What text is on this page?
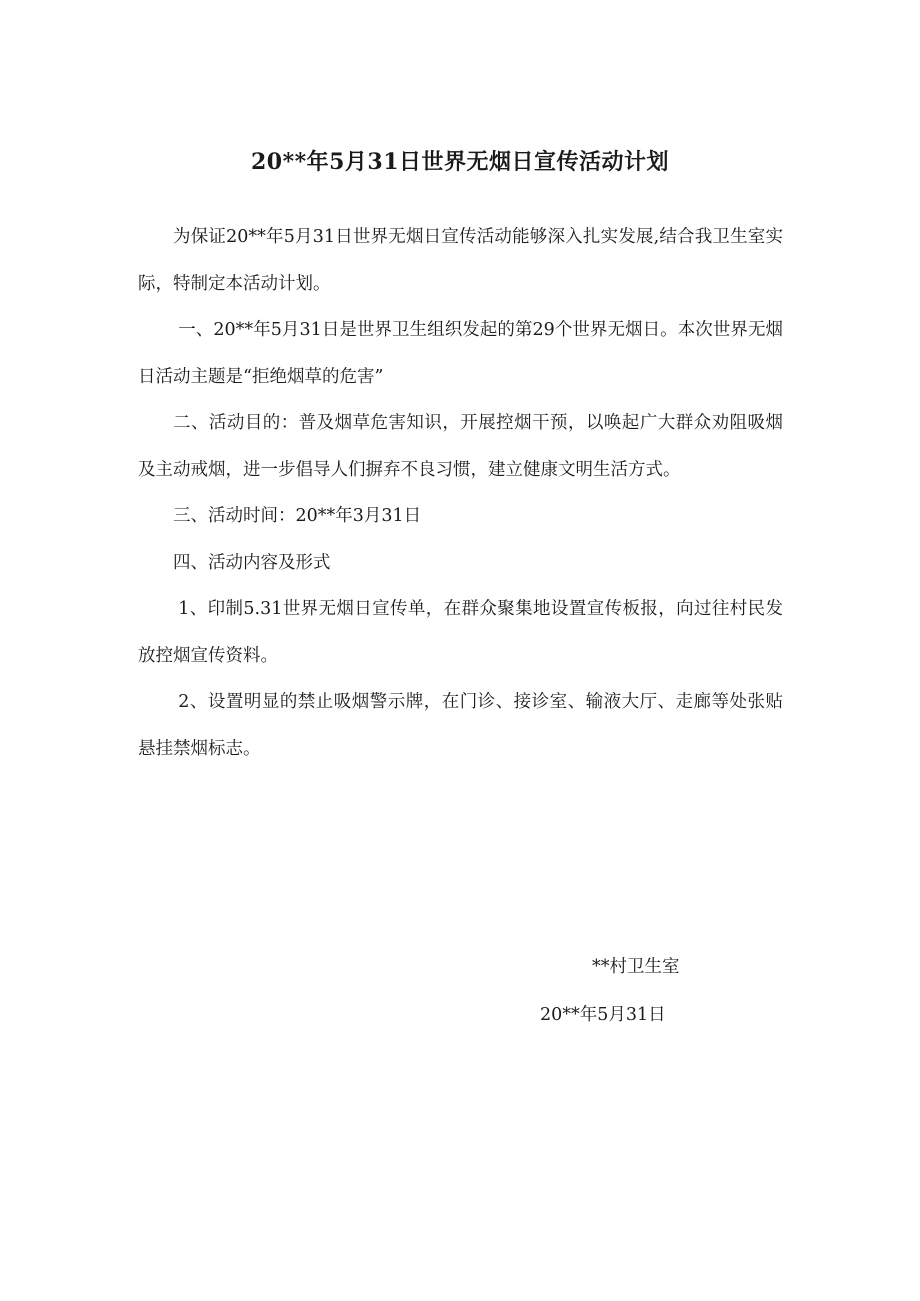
20**年5月31日世界无烟日宣传活动计划

为保证20**年5月31日世界无烟日宣传活动能够深入扎实发展,结合我卫生室实际，特制定本活动计划。

一、20**年5月31日是世界卫生组织发起的第29个世界无烟日。本次世界无烟日活动主题是“拒绝烟草的危害”

二、活动目的：普及烟草危害知识，开展控烟干预，以唤起广大群众劝阻吸烟及主动戒烟，进一步倡导人们摒弃不良习惯，建立健康文明生活方式。

三、活动时间：20**年3月31日

四、活动内容及形式

1、印制5.31世界无烟日宣传单，在群众聚集地设置宣传板报，向过往村民发放控烟宣传资料。

2、设置明显的禁止吸烟警示牌，在门诊、接诊室、输液大厅、走廊等处张贴悬挂禁烟标志。

**村卫生室
20**年5月31日
